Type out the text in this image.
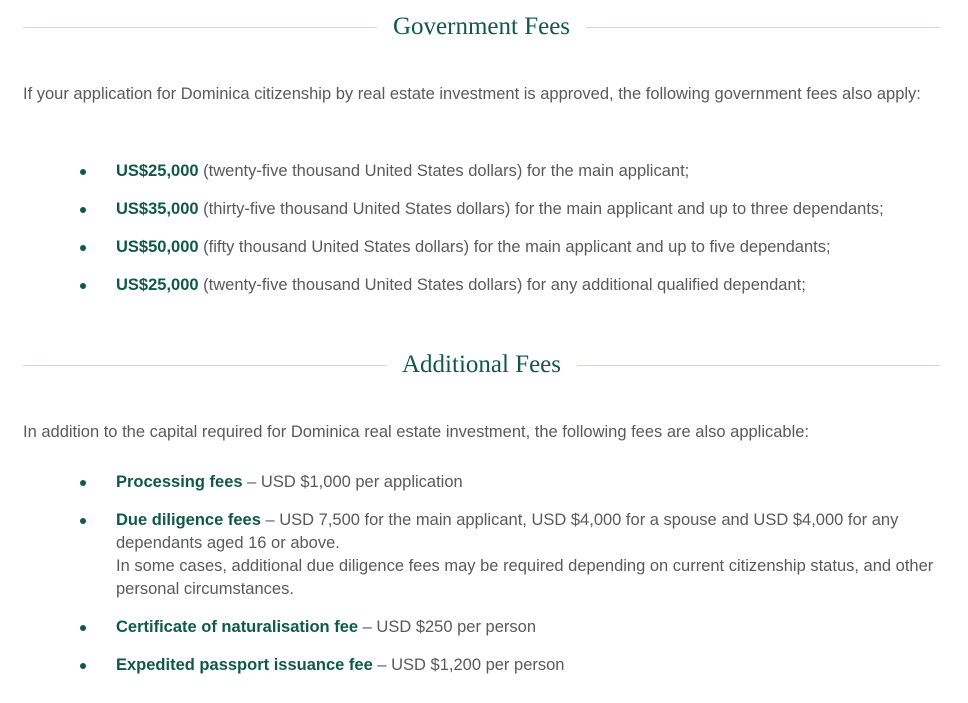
Government Fees

If your application for Dominica citizenship by real estate investment is approved, the following government fees also apply:

US$25,000 (twenty-five thousand United States dollars) for the main applicant;
US$35,000 (thirty-five thousand United States dollars) for the main applicant and up to three dependants;
US$50,000 (fifty thousand United States dollars) for the main applicant and up to five dependants;
US$25,000 (twenty-five thousand United States dollars) for any additional qualified dependant;
Additional Fees

In addition to the capital required for Dominica real estate investment, the following fees are also applicable:

Processing fees – USD $1,000 per application
Due diligence fees – USD 7,500 for the main applicant, USD $4,000 for a spouse and USD $4,000 for any dependants aged 16 or above.
In some cases, additional due diligence fees may be required depending on current citizenship status, and other personal circumstances.
Certificate of naturalisation fee – USD $250 per person
Expedited passport issuance fee – USD $1,200 per person
